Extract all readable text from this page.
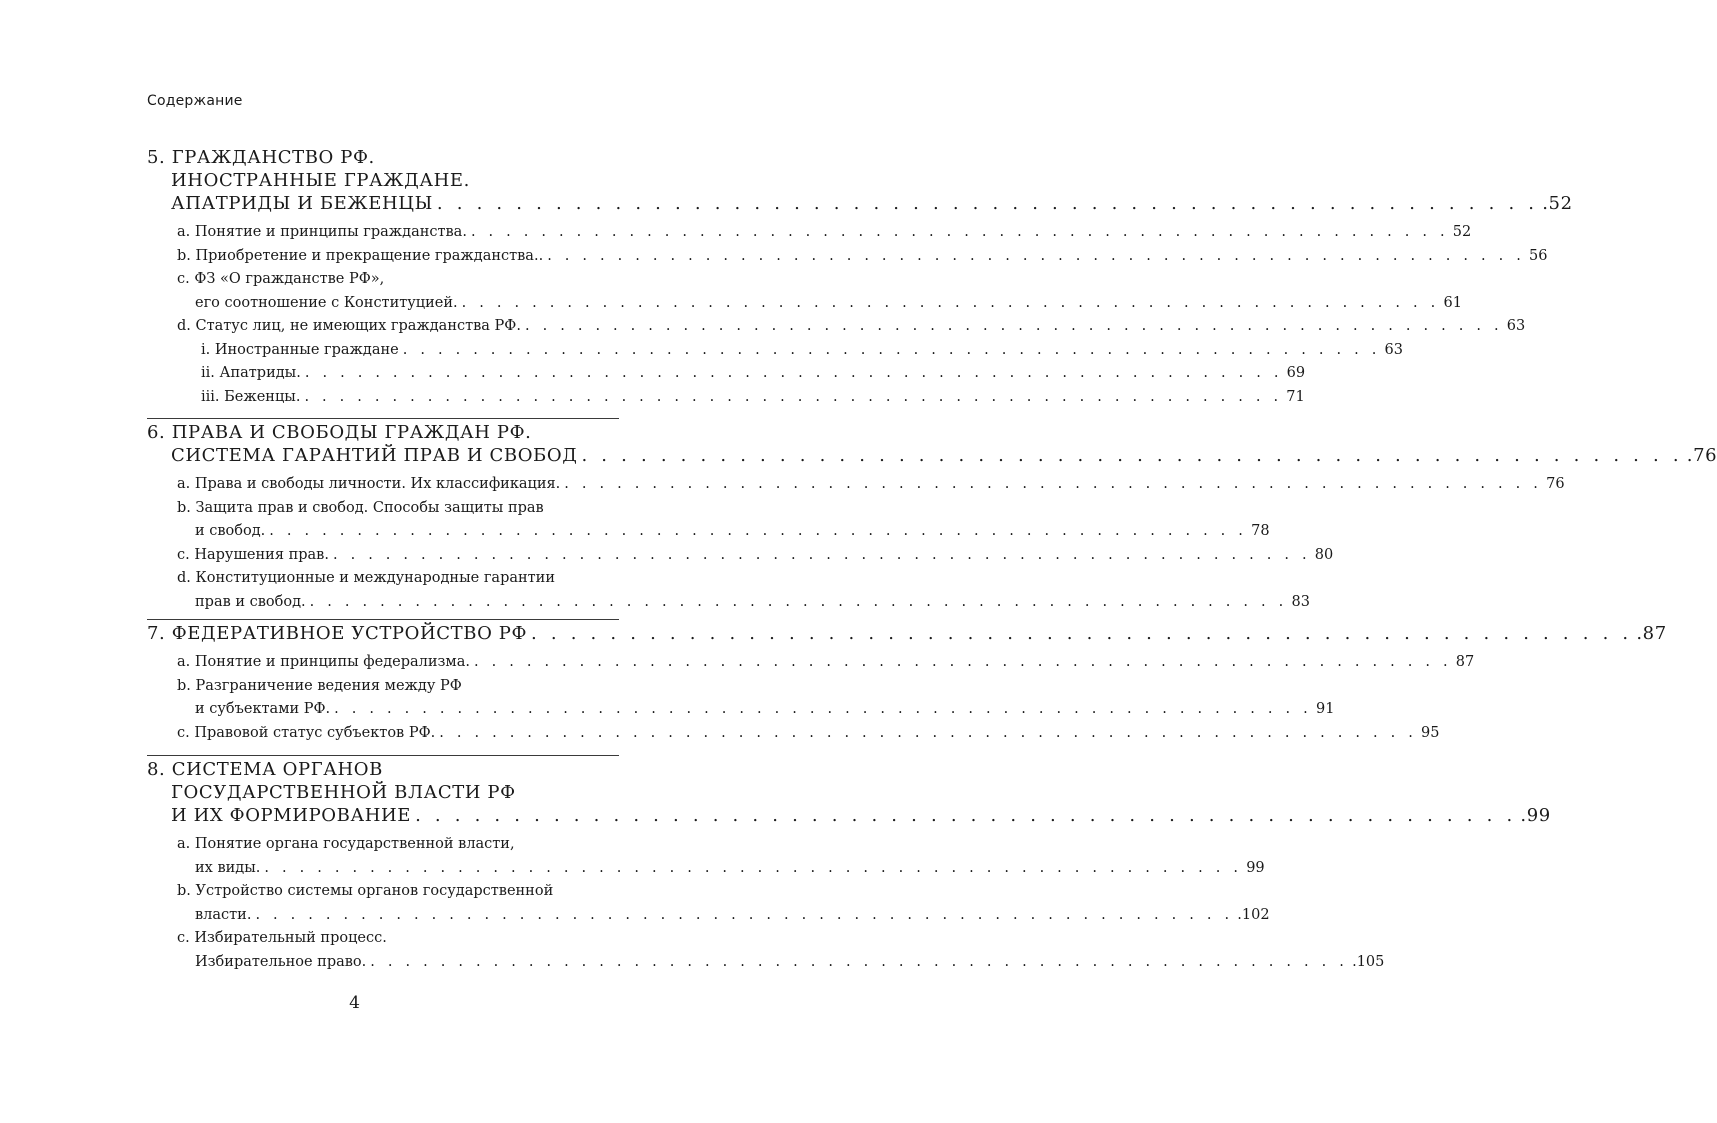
Содержание
5. ГРАЖДАНСТВО РФ.
ИНОСТРАННЫЕ ГРАЖДАНЕ.
АПАТРИДЫ И БЕЖЕНЦЫ . . . . . . . . . . . . . . . . . . . . . . . . . . . . . . . . . . . . . . . . . . . . . . . . . . . . . . . . .52
a. Понятие и принципы гражданства. . . . . . . . . . . . . . . . . . . . . . . . . . . . . . . . . . . . . . . . . . . . . . . . . . . . . . . . . 52
b. Приобретение и прекращение гражданства.. . . . . . . . . . . . . . . . . . . . . . . . . . . . . . . . . . . . . . . . . . . . . . . . . . . . . . . . . 56
c. ФЗ «О гражданстве РФ»,
его соотношение с Конституцией. . . . . . . . . . . . . . . . . . . . . . . . . . . . . . . . . . . . . . . . . . . . . . . . . . . . . . . . . 61
d. Статус лиц, не имеющих гражданства РФ. . . . . . . . . . . . . . . . . . . . . . . . . . . . . . . . . . . . . . . . . . . . . . . . . . . . . . . . . 63
i. Иностранные граждане . . . . . . . . . . . . . . . . . . . . . . . . . . . . . . . . . . . . . . . . . . . . . . . . . . . . . . . . 63
ii. Апатриды. . . . . . . . . . . . . . . . . . . . . . . . . . . . . . . . . . . . . . . . . . . . . . . . . . . . . . . . . 69
iii. Беженцы. . . . . . . . . . . . . . . . . . . . . . . . . . . . . . . . . . . . . . . . . . . . . . . . . . . . . . . . . 71
6. ПРАВА И СВОБОДЫ ГРАЖДАН РФ.
СИСТЕМА ГАРАНТИЙ ПРАВ И СВОБОД . . . . . . . . . . . . . . . . . . . . . . . . . . . . . . . . . . . . . . . . . . . . . . . . . . . . . . . . .76
a. Права и свободы личности. Их классификация. . . . . . . . . . . . . . . . . . . . . . . . . . . . . . . . . . . . . . . . . . . . . . . . . . . . . . . . . 76
b. Защита прав и свобод. Способы защиты прав
и свобод. . . . . . . . . . . . . . . . . . . . . . . . . . . . . . . . . . . . . . . . . . . . . . . . . . . . . . . . . 78
c. Нарушения прав. . . . . . . . . . . . . . . . . . . . . . . . . . . . . . . . . . . . . . . . . . . . . . . . . . . . . . . . . 80
d. Конституционные и международные гарантии
прав и свобод. . . . . . . . . . . . . . . . . . . . . . . . . . . . . . . . . . . . . . . . . . . . . . . . . . . . . . . . . 83
7. ФЕДЕРАТИВНОЕ УСТРОЙСТВО РФ . . . . . . . . . . . . . . . . . . . . . . . . . . . . . . . . . . . . . . . . . . . . . . . . . . . . . . . . .87
a. Понятие и принципы федерализма. . . . . . . . . . . . . . . . . . . . . . . . . . . . . . . . . . . . . . . . . . . . . . . . . . . . . . . . . 87
b. Разграничение ведения между РФ
и субъектами РФ. . . . . . . . . . . . . . . . . . . . . . . . . . . . . . . . . . . . . . . . . . . . . . . . . . . . . . . . . 91
c. Правовой статус субъектов РФ. . . . . . . . . . . . . . . . . . . . . . . . . . . . . . . . . . . . . . . . . . . . . . . . . . . . . . . . . 95
8. СИСТЕМА ОРГАНОВ
ГОСУДАРСТВЕННОЙ ВЛАСТИ РФ
И ИХ ФОРМИРОВАНИЕ . . . . . . . . . . . . . . . . . . . . . . . . . . . . . . . . . . . . . . . . . . . . . . . . . . . . . . . . .99
a. Понятие органа государственной власти,
их виды. . . . . . . . . . . . . . . . . . . . . . . . . . . . . . . . . . . . . . . . . . . . . . . . . . . . . . . . . 99
b. Устройство системы органов государственной
власти. . . . . . . . . . . . . . . . . . . . . . . . . . . . . . . . . . . . . . . . . . . . . . . . . . . . . . . . . .102
c. Избирательный процесс.
Избирательное право. . . . . . . . . . . . . . . . . . . . . . . . . . . . . . . . . . . . . . . . . . . . . . . . . . . . . . . . . .105
4
